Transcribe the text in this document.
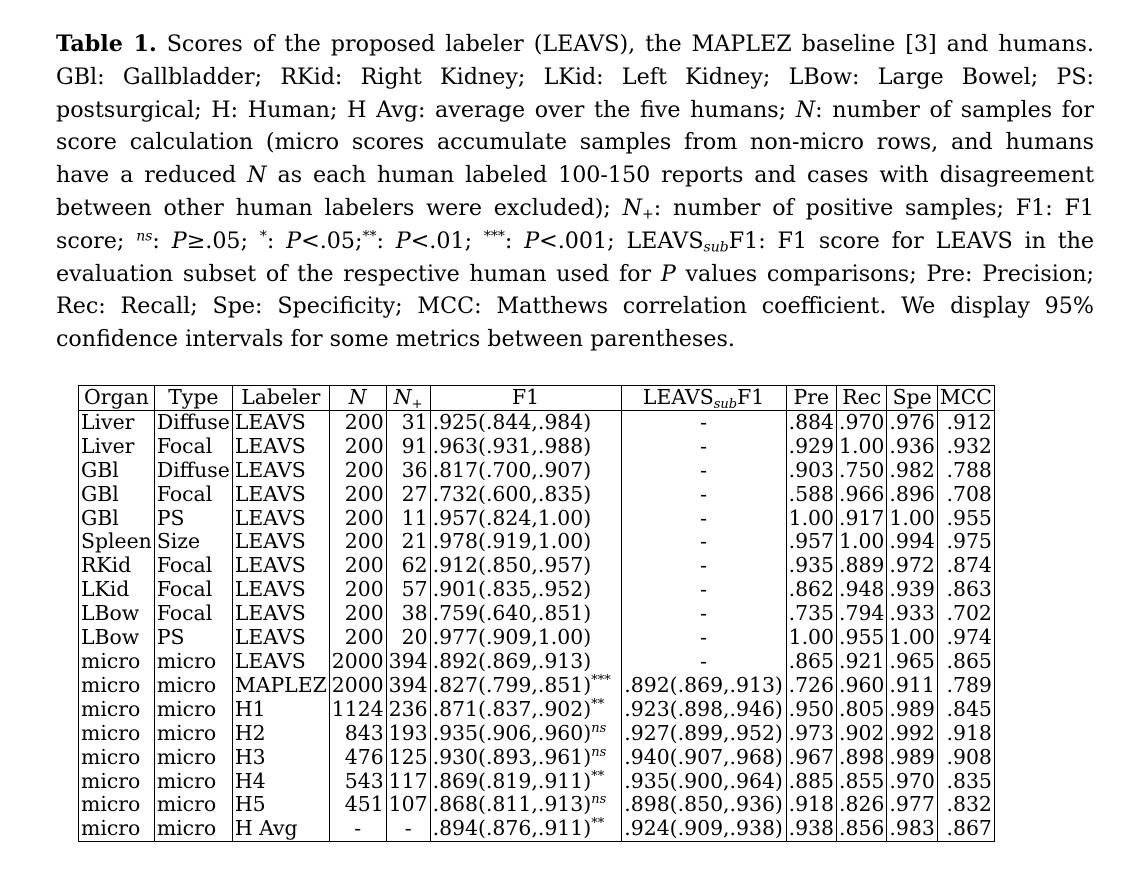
Table 1. Scores of the proposed labeler (LEAVS), the MAPLEZ baseline [3] and humans. GBl: Gallbladder; RKid: Right Kidney; LKid: Left Kidney; LBow: Large Bowel; PS: postsurgical; H: Human; H Avg: average over the five humans; N: number of samples for score calculation (micro scores accumulate samples from non-micro rows, and humans have a reduced N as each human labeled 100-150 reports and cases with disagreement between other human labelers were excluded); $N_+$: number of positive samples; F1: F1 score; $^{ns}$: P≥.05; *: P<.05;**: P<.01; ***: P<.001; $LEAVS_{sub}F1$: F1 score for LEAVS in the evaluation subset of the respective human used for P values comparisons; Pre: Precision; Rec: Recall; Spe: Specificity; MCC: Matthews correlation coefficient. We display 95% confidence intervals for some metrics between parentheses.
Organ	Type	Labeler	N	N+	F1	$LEAVS_{sub}F1$	Pre	Rec	Spe	MCC
Liver	Diffuse	LEAVS	200	31	.925(.844,.984)	-	.884	.970	.976	.912
Liver	Focal	LEAVS	200	91	.963(.931,.988)	-	.929	1.00	.936	.932
GBl	Diffuse	LEAVS	200	36	.817(.700,.907)	-	.903	.750	.982	.788
GBl	Focal	LEAVS	200	27	.732(.600,.835)	-	.588	.966	.896	.708
GBl	PS	LEAVS	200	11	.957(.824,1.00)	-	1.00	.917	1.00	.955
Spleen	Size	LEAVS	200	21	.978(.919,1.00)	-	.957	1.00	.994	.975
RKid	Focal	LEAVS	200	62	.912(.850,.957)	-	.935	.889	.972	.874
LKid	Focal	LEAVS	200	57	.901(.835,.952)	-	.862	.948	.939	.863
LBow	Focal	LEAVS	200	38	.759(.640,.851)	-	.735	.794	.933	.702
LBow	PS	LEAVS	200	20	.977(.909,1.00)	-	1.00	.955	1.00	.974
micro	micro	LEAVS	2000	394	.892(.869,.913)	-	.865	.921	.965	.865
micro	micro	MAPLEZ	2000	394	.827(.799,.851)***	.892(.869,.913)	.726	.960	.911	.789
micro	micro	H1	1124	236	.871(.837,.902)**	.923(.898,.946)	.950	.805	.989	.845
micro	micro	H2	843	193	$.935(.906,.960)^{ns}$	.927(.899,.952)	.973	.902	.992	.918
micro	micro	H3	476	125	$.930(.893,.961)^{ns}$	.940(.907,.968)	.967	.898	.989	.908
micro	micro	H4	543	117	.869(.819,.911)**	.935(.900,.964)	.885	.855	.970	.835
micro	micro	H5	451	107	$.868(.811,.913)^{ns}$	.898(.850,.936)	.918	.826	.977	.832
micro	micro	H Avg	-	-	.894(.876,.911)**	.924(.909,.938)	.938	.856	.983	.867
